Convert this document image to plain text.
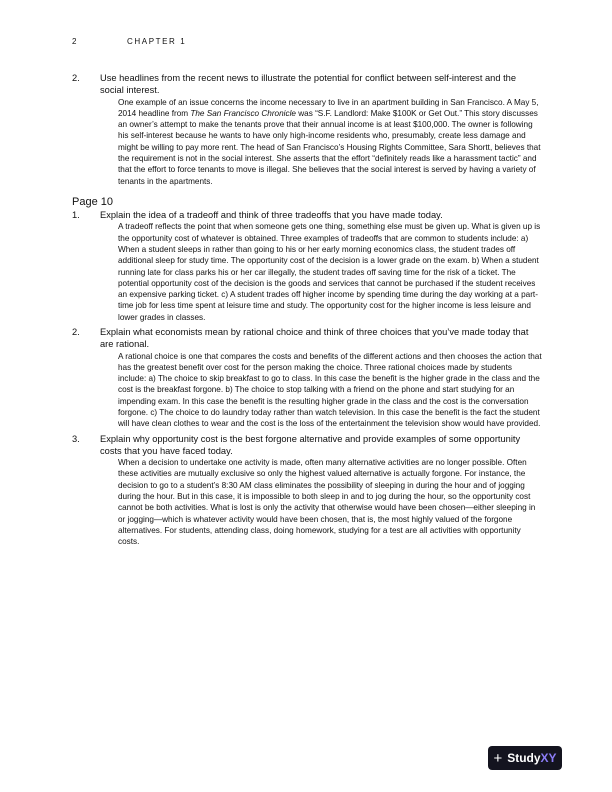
2	CHAPTER 1
2.	Use headlines from the recent news to illustrate the potential for conflict between self-interest and the social interest.
One example of an issue concerns the income necessary to live in an apartment building in San Francisco. A May 5, 2014 headline from The San Francisco Chronicle was “S.F. Landlord: Make $100K or Get Out.” This story discusses an owner’s attempt to make the tenants prove that their annual income is at least $100,000. The owner is following his self-interest because he wants to have only high-income residents who, presumably, create less damage and might be willing to pay more rent. The head of San Francisco’s Housing Rights Committee, Sara Shortt, believes that the requirement is not in the social interest. She asserts that the effort “definitely reads like a harassment tactic” and that the effort to force tenants to move is illegal. She believes that the social interest is served by having a variety of tenants in the apartments.
Page 10
1.	Explain the idea of a tradeoff and think of three tradeoffs that you have made today.
A tradeoff reflects the point that when someone gets one thing, something else must be given up. What is given up is the opportunity cost of whatever is obtained. Three examples of tradeoffs that are common to students include: a) When a student sleeps in rather than going to his or her early morning economics class, the student trades off additional sleep for study time. The opportunity cost of the decision is a lower grade on the exam. b) When a student running late for class parks his or her car illegally, the student trades off saving time for the risk of a ticket. The potential opportunity cost of the decision is the goods and services that cannot be purchased if the student receives an expensive parking ticket. c) A student trades off higher income by spending time during the day working at a part-time job for less time spent at leisure time and study. The opportunity cost for the higher income is less leisure and lower grades in classes.
2.	Explain what economists mean by rational choice and think of three choices that you’ve made today that are rational.
A rational choice is one that compares the costs and benefits of the different actions and then chooses the action that has the greatest benefit over cost for the person making the choice. Three rational choices made by students include: a) The choice to skip breakfast to go to class. In this case the benefit is the higher grade in the class and the cost is the breakfast forgone. b) The choice to stop talking with a friend on the phone and start studying for an impending exam. In this case the benefit is the resulting higher grade in the class and the cost is the conversation forgone. c) The choice to do laundry today rather than watch television. In this case the benefit is the fact the student will have clean clothes to wear and the cost is the loss of the entertainment the television show would have provided.
3.	Explain why opportunity cost is the best forgone alternative and provide examples of some opportunity costs that you have faced today.
When a decision to undertake one activity is made, often many alternative activities are no longer possible. Often these activities are mutually exclusive so only the highest valued alternative is actually forgone. For instance, the decision to go to a student’s 8:30 AM class eliminates the possibility of sleeping in during the hour and of jogging during the hour. But in this case, it is impossible to both sleep in and to jog during the hour, so the opportunity cost cannot be both activities. What is lost is only the activity that otherwise would have been chosen—either sleeping in or jogging—which is whatever activity would have been chosen, that is, the most highly valued of the forgone alternatives. For students, attending class, doing homework, studying for a test are all activities with opportunity costs.
+ StudyXY
